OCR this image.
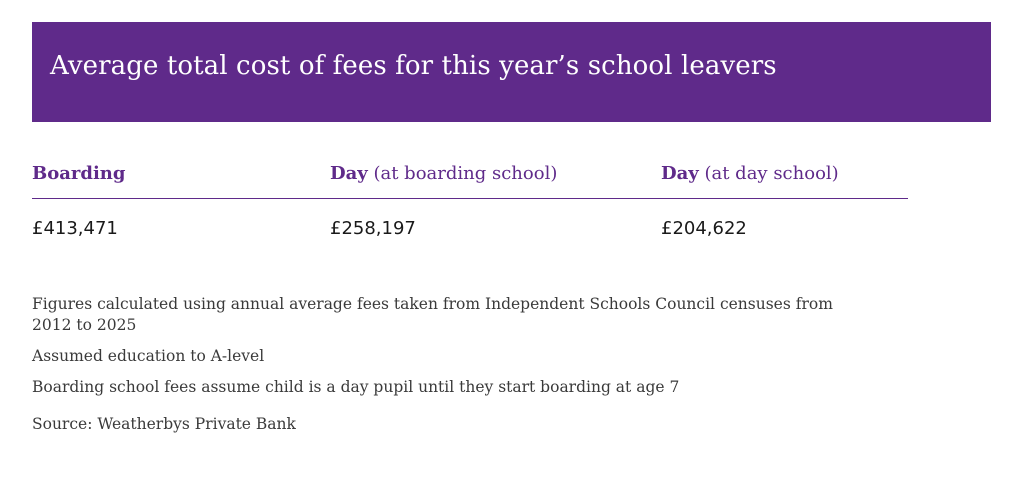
Average total cost of fees for this year’s school leavers
Boarding	Day (at boarding school)	Day (at day school)
£413,471	£258,197	£204,622

Figures calculated using annual average fees taken from Independent Schools Council censuses from 2012 to 2025

Assumed education to A-level

Boarding school fees assume child is a day pupil until they start boarding at age 7

Source: Weatherbys Private Bank
